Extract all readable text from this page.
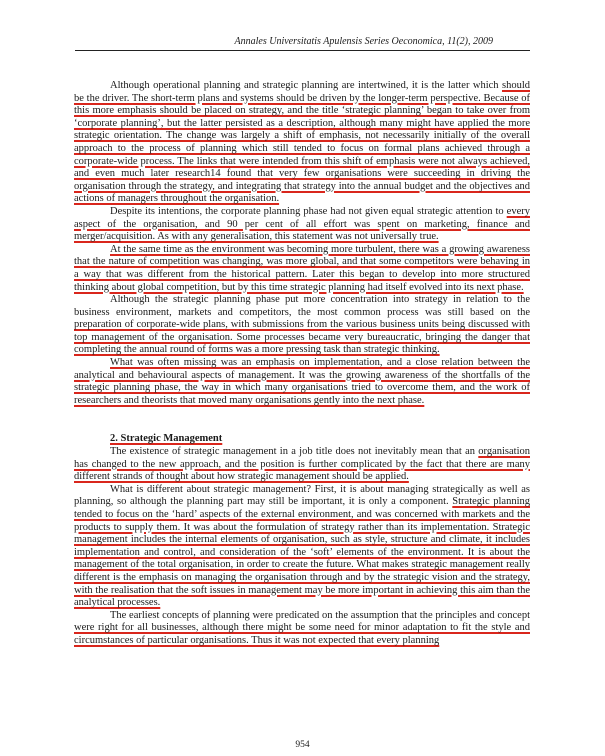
Annales Universitatis Apulensis Series Oeconomica, 11(2), 2009

Although operational planning and strategic planning are intertwined, it is the latter which should be the driver. The short-term plans and systems should be driven by the longer-term perspective. Because of this more emphasis should be placed on strategy, and the title ‘strategic planning’ began to take over from ‘corporate planning’, but the latter persisted as a description, although many might have applied the more strategic orientation. The change was largely a shift of emphasis, not necessarily initially of the overall approach to the process of planning which still tended to focus on formal plans achieved through a corporate-wide process. The links that were intended from this shift of emphasis were not always achieved, and even much later research14 found that very few organisations were succeeding in driving the organisation through the strategy, and integrating that strategy into the annual budget and the objectives and actions of managers throughout the organisation.

Despite its intentions, the corporate planning phase had not given equal strategic attention to every aspect of the organisation, and 90 per cent of all effort was spent on marketing, finance and merger/acquisition. As with any generalisation, this statement was not universally true.

At the same time as the environment was becoming more turbulent, there was a growing awareness that the nature of competition was changing, was more global, and that some competitors were behaving in a way that was different from the historical pattern. Later this began to develop into more structured thinking about global competition, but by this time strategic planning had itself evolved into its next phase.

Although the strategic planning phase put more concentration into strategy in relation to the business environment, markets and competitors, the most common process was still based on the preparation of corporate-wide plans, with submissions from the various business units being discussed with top management of the organisation. Some processes became very bureaucratic, bringing the danger that completing the annual round of forms was a more pressing task than strategic thinking.

What was often missing was an emphasis on implementation, and a close relation between the analytical and behavioural aspects of management. It was the growing awareness of the shortfalls of the strategic planning phase, the way in which many organisations tried to overcome them, and the work of researchers and theorists that moved many organisations gently into the next phase.

2. Strategic Management

The existence of strategic management in a job title does not inevitably mean that an organisation has changed to the new approach, and the position is further complicated by the fact that there are many different strands of thought about how strategic management should be applied.

What is different about strategic management? First, it is about managing strategically as well as planning, so although the planning part may still be important, it is only a component. Strategic planning tended to focus on the ‘hard’ aspects of the external environment, and was concerned with markets and the products to supply them. It was about the formulation of strategy rather than its implementation. Strategic management includes the internal elements of organisation, such as style, structure and climate, it includes implementation and control, and consideration of the ‘soft’ elements of the environment. It is about the management of the total organisation, in order to create the future. What makes strategic management really different is the emphasis on managing the organisation through and by the strategic vision and the strategy, with the realisation that the soft issues in management may be more important in achieving this aim than the analytical processes.

The earliest concepts of planning were predicated on the assumption that the principles and concept were right for all businesses, although there might be some need for minor adaptation to fit the style and circumstances of particular organisations. Thus it was not expected that every planning

954
